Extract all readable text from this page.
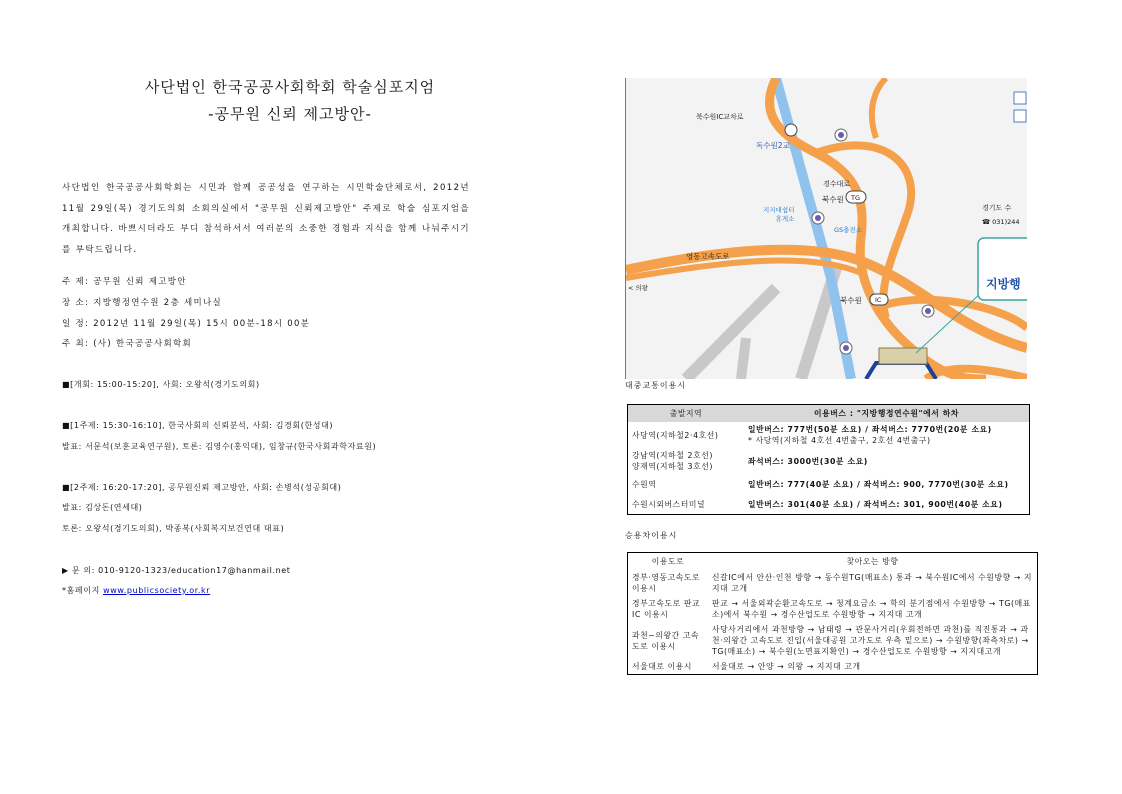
사단법인 한국공공사회학회 학술심포지엄
-공무원 신뢰 제고방안-
사단법인 한국공공사회학회는 시민과 함께 공공성을 연구하는 시민학술단체로서, 2012년 11월 29일(목) 경기도의회 소회의실에서 "공무원 신뢰제고방안" 주제로 학술 심포지엄을 개최합니다. 바쁘시더라도 부디 참석하셔서 여러분의 소중한 경험과 지식을 함께 나눠주시기를 부탁드립니다.
주 제: 공무원 신뢰 제고방안
장 소: 지방행정연수원 2층 세미나실
일 정: 2012년 11월 29일(목) 15시 00분-18시 00분
주 최: (사) 한국공공사회학회
■[개회: 15:00-15:20], 사회: 오왕석(경기도의회)
■[1주제: 15:30-16:10], 한국사회의 신뢰분석, 사회: 김경회(한성대)
발표: 서문석(보훈교육연구원), 토론: 김영수(홍익대), 임창규(한국사회과학자료원)
■[2주제: 16:20-17:20], 공무원신뢰 제고방안, 사회: 손병석(성공회대)
발표: 김상돈(연세대)
토론: 오왕석(경기도의회), 박종복(사회복지보건연대 대표)
▶ 문 의: 010-9120-1323/education17@hanmail.net
*홈페이지 www.publicsociety.or.kr
북수원IC교차로
독수원2교
경수대로
북수원 TG
지지대쉼터
휴게소
GS충전소
영동고속도로
< 의왕
북수원 IC
경기도 수
☎ 031)244
지방행
대중교통이용시
출발지역	이용버스 : "지방행정연수원"에서 하차
사당역(지하철2·4호선)	일반버스: 777번(50분 소요) / 좌석버스: 7770번(20분 소요)
* 사당역(지하철 4호선 4번출구, 2호선 4번출구)

강남역(지하철 2호선)
양재역(지하철 3호선)	좌석버스: 3000번(30분 소요)
수원역	일반버스: 777(40분 소요) / 좌석버스: 900, 7770번(30분 소요)
수원시외버스터미널	일반버스: 301(40분 소요) / 좌석버스: 301, 900번(40분 소요)
승용차이용시
이용도로	찾아오는 방향
경부·영동고속도로 이용시	신갈IC에서 안산·인천 방향 → 동수원TG(매표소) 통과 → 북수원IC에서 수원방향 → 지지대 고개
경부고속도로 판교IC 이용시	판교 → 서울외곽순환고속도로 → 청계요금소 → 학의 분기점에서 수원방향 → TG(매표소)에서 북수원 → 경수산업도로 수원방향 → 지지대 고개
과천~의왕간 고속도로 이용시	사당사거리에서 과천방향 → 남태령 → 관문사거리(우회전하면 과천)를 직진통과 → 과천·의왕간 고속도로 진입(서울대공원 고가도로 우측 밑으로) → 수원방향(좌측차로) → TG(매표소) → 북수원(노면표지확인) → 경수산업도로 수원방향 → 지지대고개
서울대로 이용시	서울대로 → 안양 → 의왕 → 지지대 고개
